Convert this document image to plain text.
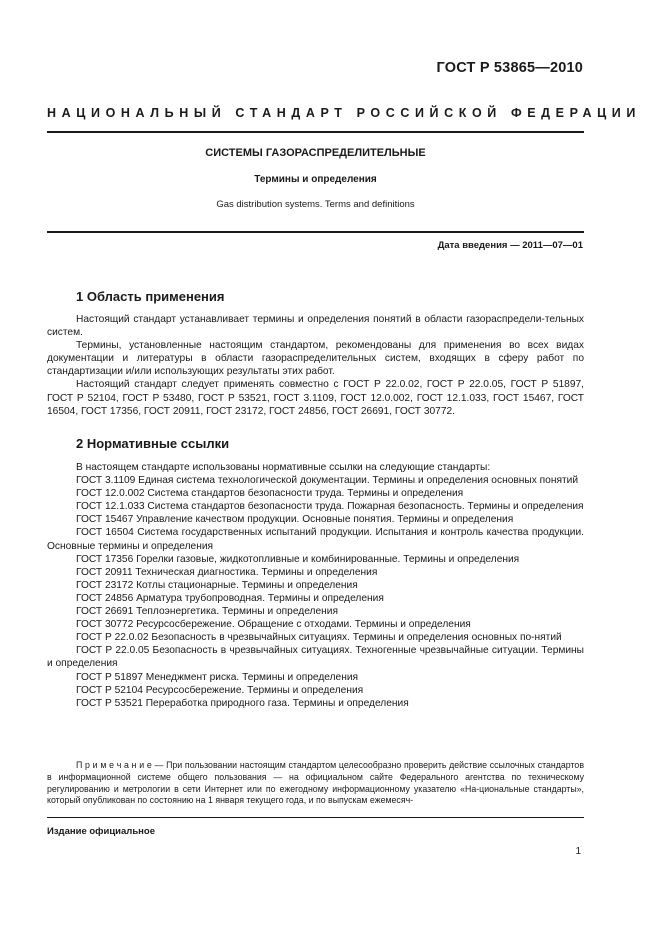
ГОСТ Р 53865—2010
НАЦИОНАЛЬНЫЙ СТАНДАРТ РОССИЙСКОЙ ФЕДЕРАЦИИ
СИСТЕМЫ ГАЗОРАСПРЕДЕЛИТЕЛЬНЫЕ
Термины и определения
Gas distribution systems. Terms and definitions
Дата введения — 2011—07—01
1 Область применения

Настоящий стандарт устанавливает термины и определения понятий в области газораспредели-тельных систем.

Термины, установленные настоящим стандартом, рекомендованы для применения во всех видах документации и литературы в области газораспределительных систем, входящих в сферу работ по стандартизации и/или использующих результаты этих работ.

Настоящий стандарт следует применять совместно с ГОСТ Р 22.0.02, ГОСТ Р 22.0.05, ГОСТ Р 51897, ГОСТ Р 52104, ГОСТ Р 53480, ГОСТ Р 53521, ГОСТ 3.1109, ГОСТ 12.0.002, ГОСТ 12.1.033, ГОСТ 15467, ГОСТ 16504, ГОСТ 17356, ГОСТ 20911, ГОСТ 23172, ГОСТ 24856, ГОСТ 26691, ГОСТ 30772.

2 Нормативные ссылки

В настоящем стандарте использованы нормативные ссылки на следующие стандарты:

ГОСТ 3.1109 Единая система технологической документации. Термины и определения основных понятий

ГОСТ 12.0.002 Система стандартов безопасности труда. Термины и определения

ГОСТ 12.1.033 Система стандартов безопасности труда. Пожарная безопасность. Термины и определения

ГОСТ 15467 Управление качеством продукции. Основные понятия. Термины и определения

ГОСТ 16504 Система государственных испытаний продукции. Испытания и контроль качества продукции. Основные термины и определения

ГОСТ 17356 Горелки газовые, жидкотопливные и комбинированные. Термины и определения

ГОСТ 20911 Техническая диагностика. Термины и определения

ГОСТ 23172 Котлы стационарные. Термины и определения

ГОСТ 24856 Арматура трубопроводная. Термины и определения

ГОСТ 26691 Теплоэнергетика. Термины и определения

ГОСТ 30772 Ресурсосбережение. Обращение с отходами. Термины и определения

ГОСТ Р 22.0.02 Безопасность в чрезвычайных ситуациях. Термины и определения основных по-нятий

ГОСТ Р 22.0.05 Безопасность в чрезвычайных ситуациях. Техногенные чрезвычайные ситуации. Термины и определения

ГОСТ Р 51897 Менеджмент риска. Термины и определения

ГОСТ Р 52104 Ресурсосбережение. Термины и определения

ГОСТ Р 53521 Переработка природного газа. Термины и определения

П р и м е ч а н и е — При пользовании настоящим стандартом целесообразно проверить действие ссылочных стандартов в информационной системе общего пользования — на официальном сайте Федерального агентства по техническому регулированию и метрологии в сети Интернет или по ежегодному информационному указателю «На-циональные стандарты», который опубликован по состоянию на 1 января текущего года, и по выпускам ежемесяч-

Издание официальное
1
